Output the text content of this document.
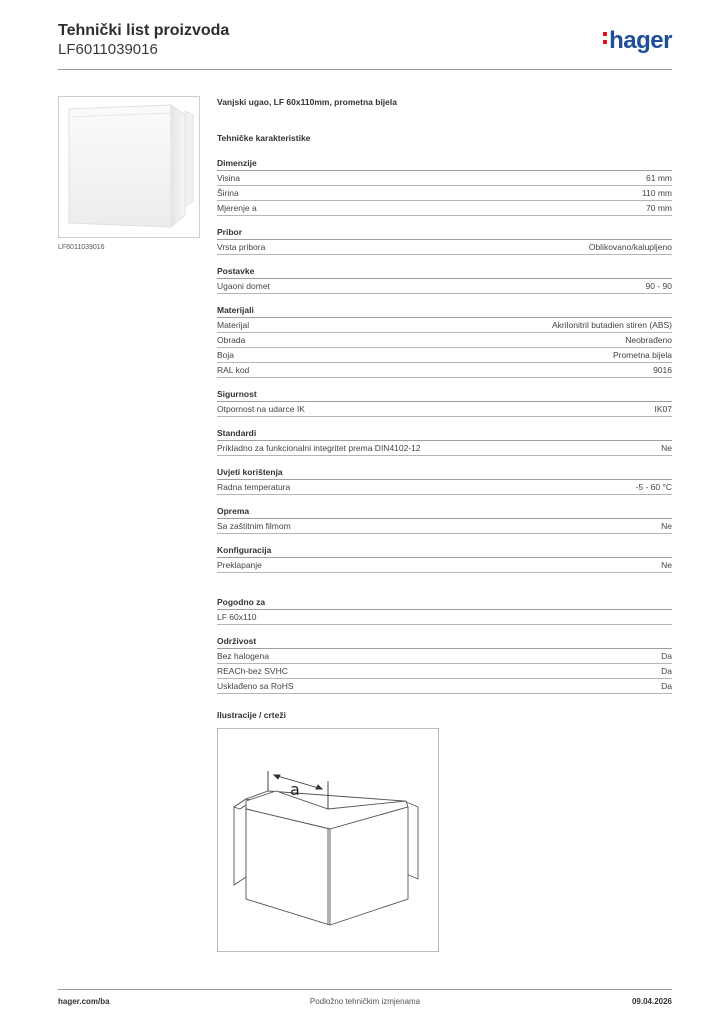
Tehnički list proizvoda
LF6011039016	hager
LF6011039016
Vanjski ugao, LF 60x110mm, prometna bijela
Tehničke karakteristike
Dimenzije
Visina	61 mm
Širina	110 mm
Mjerenje a	70 mm
Pribor
Vrsta pribora	Oblikovano/kalupljeno
Postavke
Ugaoni domet	90 - 90
Materijali
Materijal	Akrilonitril butadien stiren (ABS)
Obrada	Neobrađeno
Boja	Prometna bijela
RAL kod	9016
Sigurnost
Otpornost na udarce IK	IK07
Standardi
Prikladno za funkcionalni integritet prema DIN4102-12	Ne
Uvjeti korištenja
Radna temperatura	-5 - 60 °C
Oprema
Sa zaštitnim filmom	Ne
Konfiguracija
Preklapanje	Ne
Pogodno za
LF 60x110
Održivost
Bez halogena	Da
REACh-bez SVHC	Da
Usklađeno sa RoHS	Da
Ilustracije / crteži
a
hager.com/ba	Podložno tehničkim izmjenama	09.04.2026
